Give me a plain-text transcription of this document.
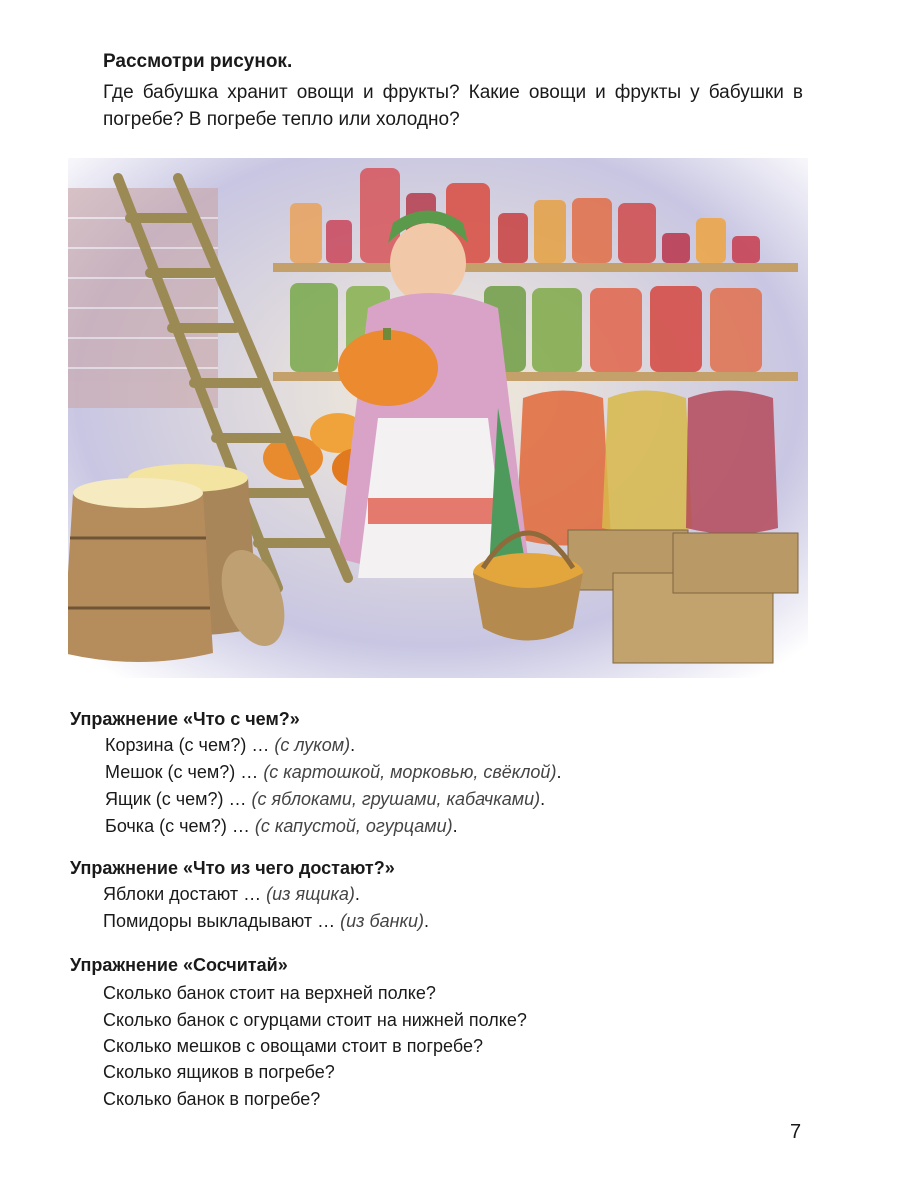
Рассмотри рисунок.
Где бабушка хранит овощи и фрукты? Какие овощи и фрукты у бабушки в погребе? В погребе тепло или холодно?
Упражнение «Что с чем?»
Корзина (с чем?) … (с луком).
Мешок (с чем?) … (с картошкой, морковью, свёклой).
Ящик (с чем?) … (с яблоками, грушами, кабачками).
Бочка (с чем?) … (с капустой, огурцами).
Упражнение «Что из чего достают?»
Яблоки достают … (из ящика).
Помидоры выкладывают … (из банки).
Упражнение «Сосчитай»
Сколько банок стоит на верхней полке?
Сколько банок с огурцами стоит на нижней полке?
Сколько мешков с овощами стоит в погребе?
Сколько ящиков в погребе?
Сколько банок в погребе?
7
